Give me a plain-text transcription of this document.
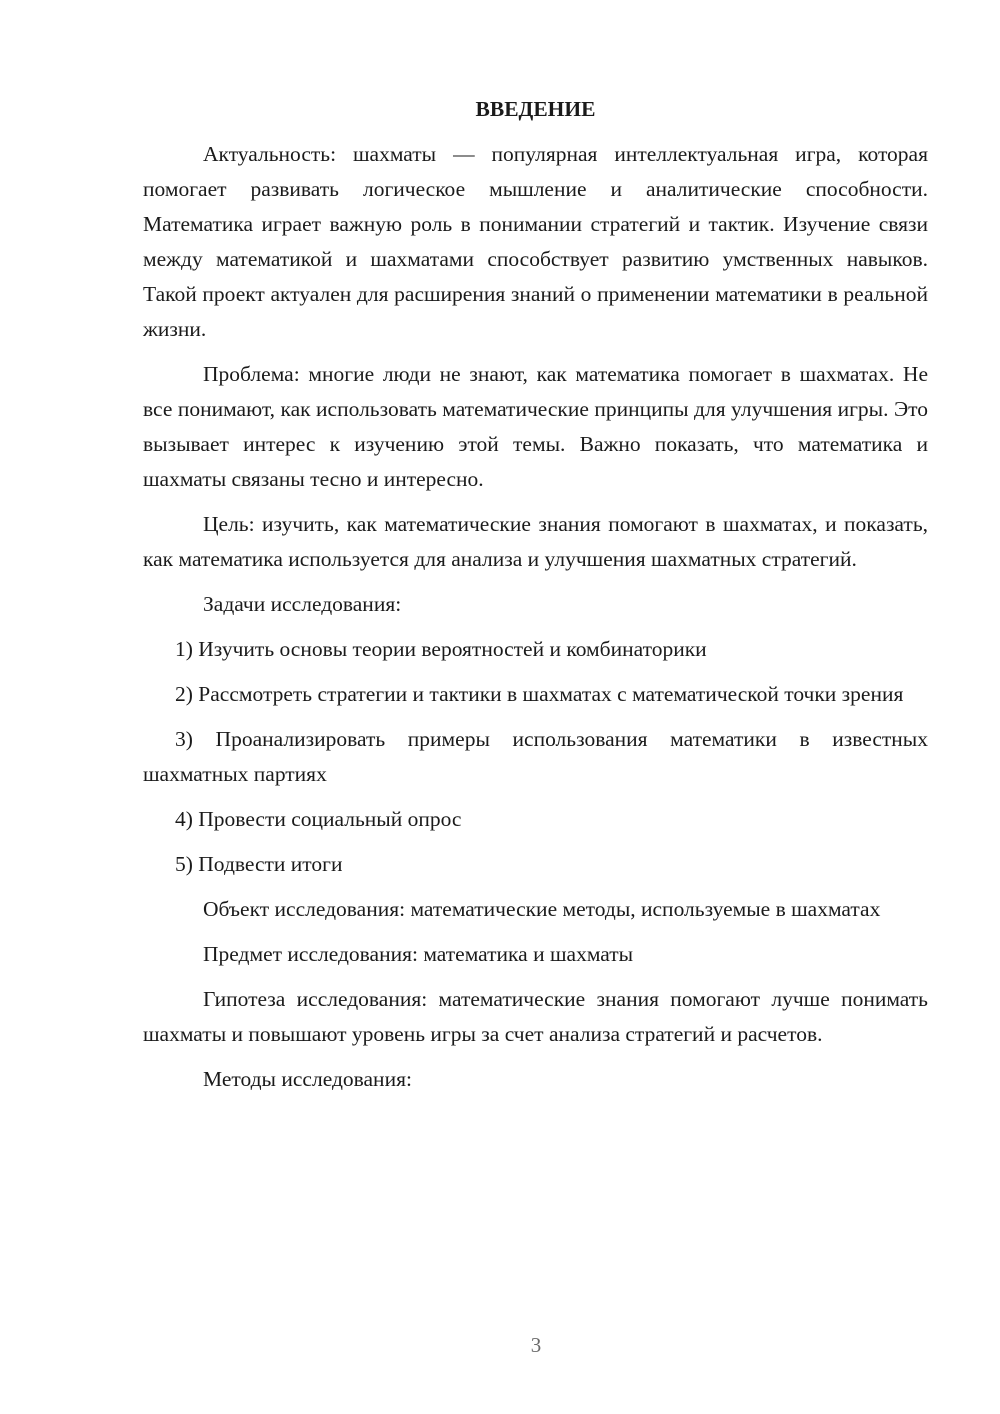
ВВЕДЕНИЕ

Актуальность: шахматы — популярная интеллектуальная игра, которая помогает развивать логическое мышление и аналитические способности. Математика играет важную роль в понимании стратегий и тактик. Изучение связи между математикой и шахматами способствует развитию умственных навыков. Такой проект актуален для расширения знаний о применении математики в реальной жизни.

Проблема: многие люди не знают, как математика помогает в шахматах. Не все понимают, как использовать математические принципы для улучшения игры. Это вызывает интерес к изучению этой темы. Важно показать, что математика и шахматы связаны тесно и интересно.

Цель: изучить, как математические знания помогают в шахматах, и показать, как математика используется для анализа и улучшения шахматных стратегий.

Задачи исследования:

1) Изучить основы теории вероятностей и комбинаторики

2) Рассмотреть стратегии и тактики в шахматах с математической точки зрения

3) Проанализировать примеры использования математики в известных шахматных партиях

4) Провести социальный опрос

5) Подвести итоги

Объект исследования: математические методы, используемые в шахматах

Предмет исследования: математика и шахматы

Гипотеза исследования: математические знания помогают лучше понимать шахматы и повышают уровень игры за счет анализа стратегий и расчетов.

Методы исследования:

3
